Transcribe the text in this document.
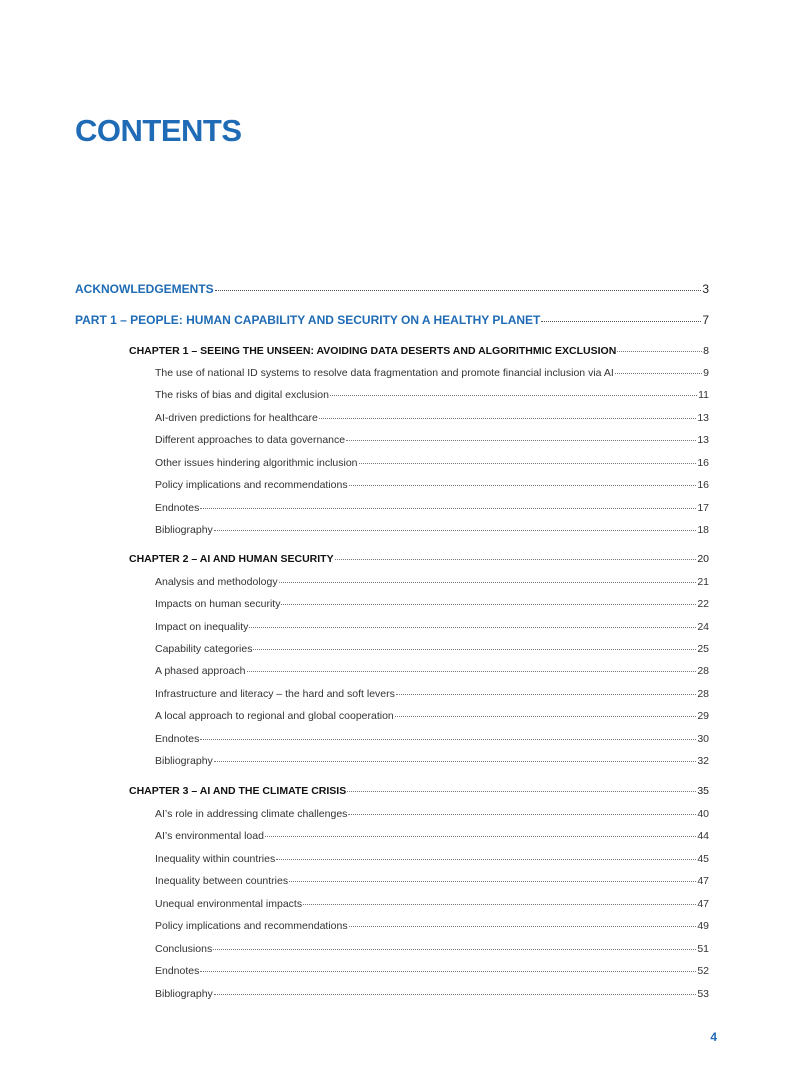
CONTENTS
ACKNOWLEDGEMENTS	3
PART 1 – PEOPLE: HUMAN CAPABILITY AND SECURITY ON A HEALTHY PLANET	7
CHAPTER 1 – SEEING THE UNSEEN: AVOIDING DATA DESERTS AND ALGORITHMIC EXCLUSION	8
The use of national ID systems to resolve data fragmentation and promote financial inclusion via AI	9
The risks of bias and digital exclusion	11
AI-driven predictions for healthcare	13
Different approaches to data governance	13
Other issues hindering algorithmic inclusion	16
Policy implications and recommendations	16
Endnotes	17
Bibliography	18
CHAPTER 2 – AI AND HUMAN SECURITY	20
Analysis and methodology	21
Impacts on human security	22
Impact on inequality	24
Capability categories	25
A phased approach	28
Infrastructure and literacy – the hard and soft levers	28
A local approach to regional and global cooperation	29
Endnotes	30
Bibliography	32
CHAPTER 3 – AI AND THE CLIMATE CRISIS	35
AI’s role in addressing climate challenges	40
AI’s environmental load	44
Inequality within countries	45
Inequality between countries	47
Unequal environmental impacts	47
Policy implications and recommendations	49
Conclusions	51
Endnotes	52
Bibliography	53
4
